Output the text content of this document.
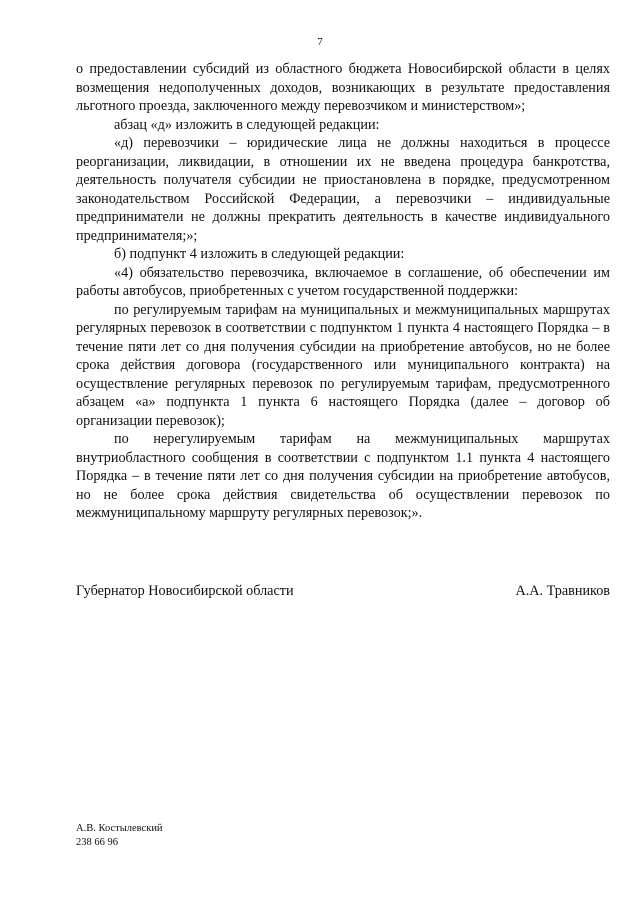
7

о предоставлении субсидий из областного бюджета Новосибирской области в целях возмещения недополученных доходов, возникающих в результате предоставления льготного проезда, заключенного между перевозчиком и министерством»;

абзац «д» изложить в следующей редакции:

«д) перевозчики – юридические лица не должны находиться в процессе реорганизации, ликвидации, в отношении их не введена процедура банкротства, деятельность получателя субсидии не приостановлена в порядке, предусмотренном законодательством Российской Федерации, а перевозчики – индивидуальные предприниматели не должны прекратить деятельность в качестве индивидуального предпринимателя;»;

б) подпункт 4 изложить в следующей редакции:

«4) обязательство перевозчика, включаемое в соглашение, об обеспечении им работы автобусов, приобретенных с учетом государственной поддержки:

по регулируемым тарифам на муниципальных и межмуниципальных маршрутах регулярных перевозок в соответствии с подпунктом 1 пункта 4 настоящего Порядка – в течение пяти лет со дня получения субсидии на приобретение автобусов, но не более срока действия договора (государственного или муниципального контракта) на осуществление регулярных перевозок по регулируемым тарифам, предусмотренного абзацем «а» подпункта 1 пункта 6 настоящего Порядка (далее – договор об организации перевозок);

по нерегулируемым тарифам на межмуниципальных маршрутах внутриобластного сообщения в соответствии с подпунктом 1.1 пункта 4 настоящего Порядка – в течение пяти лет со дня получения субсидии на приобретение автобусов, но не более срока действия свидетельства об осуществлении перевозок по межмуниципальному маршруту регулярных перевозок;».

Губернатор Новосибирской области	А.А. Травников
А.В. Костылевский
238 66 96
